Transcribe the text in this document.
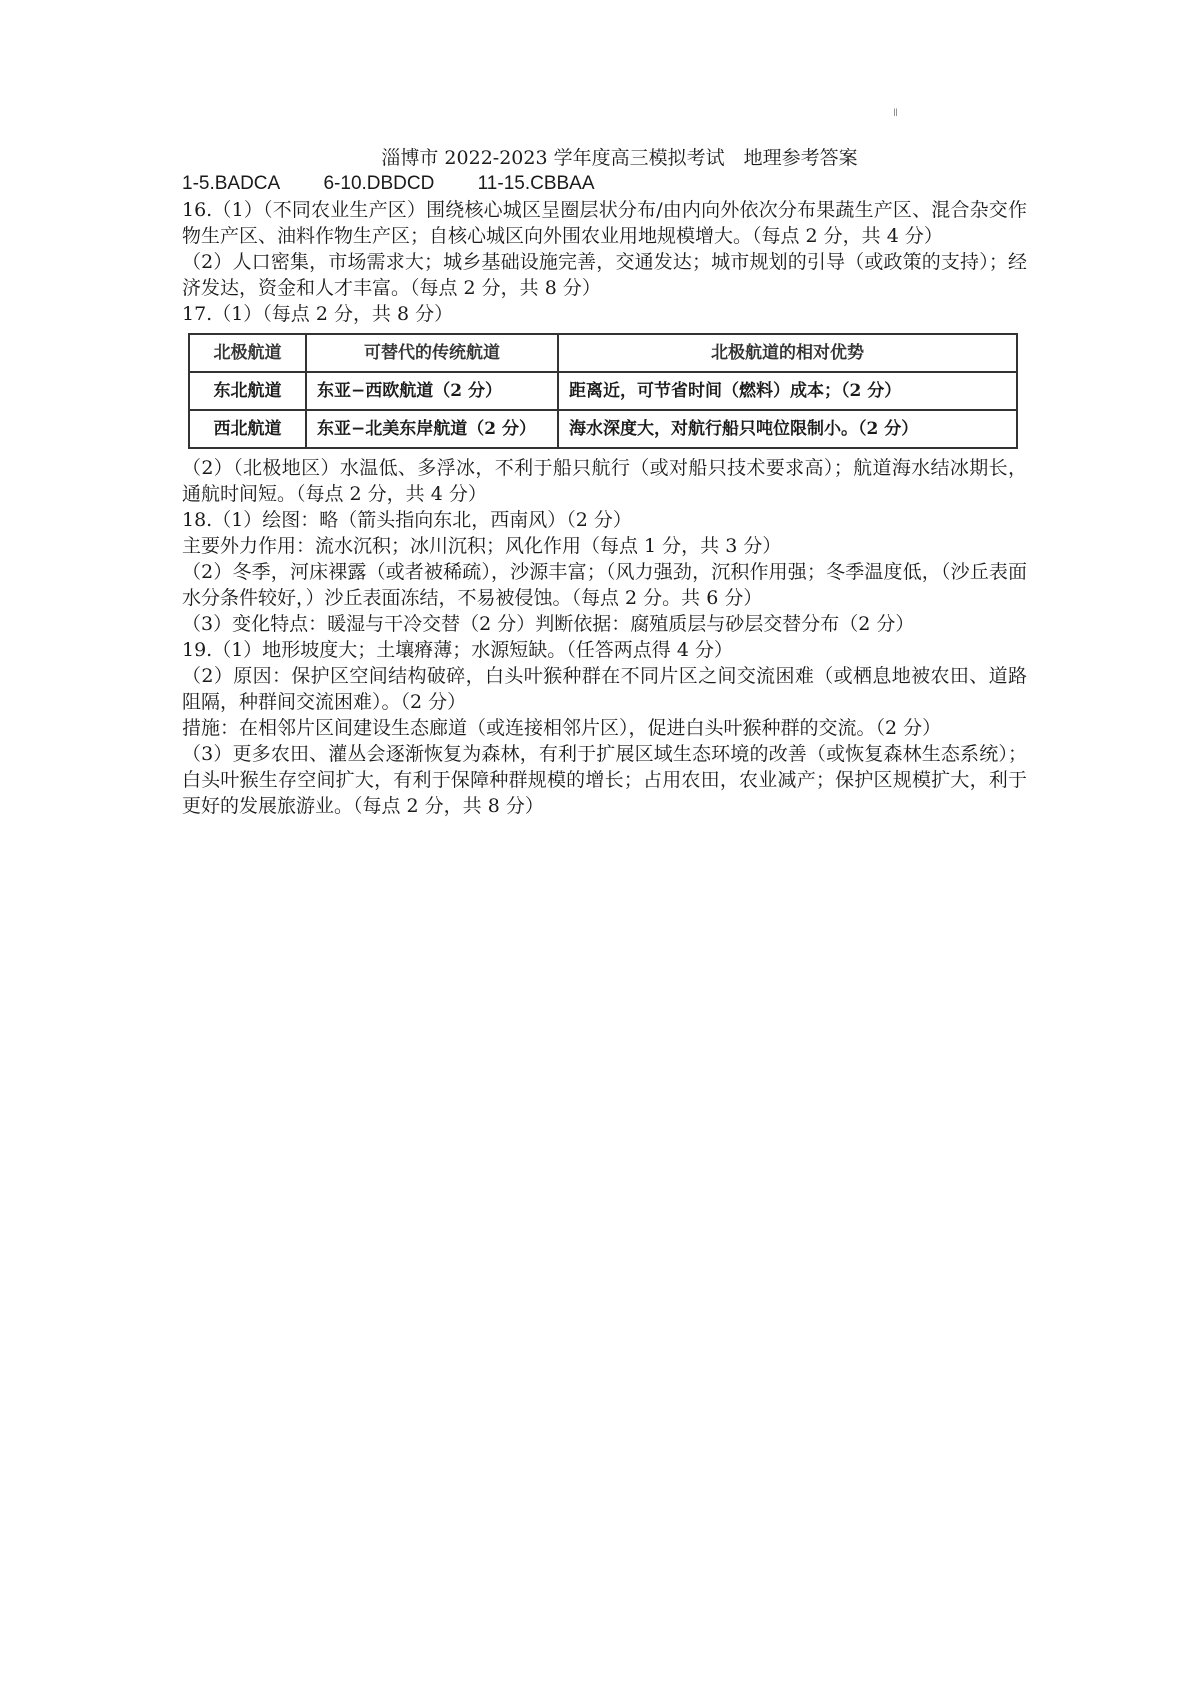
ǁ
淄博市 2022-2023 学年度高三模拟考试　地理参考答案

1-5.BADCA 6-10.DBDCD 11-15.CBBAA

16.（1）（不同农业生产区）围绕核心城区呈圈层状分布/由内向外依次分布果蔬生产区、混合杂交作物生产区、油料作物生产区；自核心城区向外围农业用地规模增大。（每点 2 分，共 4 分）

（2）人口密集，市场需求大；城乡基础设施完善，交通发达；城市规划的引导（或政策的支持）；经济发达，资金和人才丰富。（每点 2 分，共 8 分）

17.（1）（每点 2 分，共 8 分）

北极航道	可替代的传统航道	北极航道的相对优势
东北航道	东亚−西欧航道（2 分）	距离近，可节省时间（燃料）成本；（2 分）
西北航道	东亚−北美东岸航道（2 分）	海水深度大，对航行船只吨位限制小。（2 分）

（2）（北极地区）水温低、多浮冰，不利于船只航行（或对船只技术要求高）；航道海水结冰期长，通航时间短。（每点 2 分，共 4 分）

18.（1）绘图：略（箭头指向东北，西南风）（2 分）

主要外力作用：流水沉积；冰川沉积；风化作用（每点 1 分，共 3 分）

（2）冬季，河床裸露（或者被稀疏），沙源丰富；（风力强劲，沉积作用强；冬季温度低，（沙丘表面水分条件较好，）沙丘表面冻结，不易被侵蚀。（每点 2 分。共 6 分）

（3）变化特点：暖湿与干冷交替（2 分）判断依据：腐殖质层与砂层交替分布（2 分）

19.（1）地形坡度大；土壤瘠薄；水源短缺。（任答两点得 4 分）

（2）原因：保护区空间结构破碎，白头叶猴种群在不同片区之间交流困难（或栖息地被农田、道路阻隔，种群间交流困难）。（2 分）

措施：在相邻片区间建设生态廊道（或连接相邻片区），促进白头叶猴种群的交流。（2 分）

（3）更多农田、灌丛会逐渐恢复为森林，有利于扩展区域生态环境的改善（或恢复森林生态系统）；白头叶猴生存空间扩大，有利于保障种群规模的增长；占用农田，农业减产；保护区规模扩大，利于更好的发展旅游业。（每点 2 分，共 8 分）
